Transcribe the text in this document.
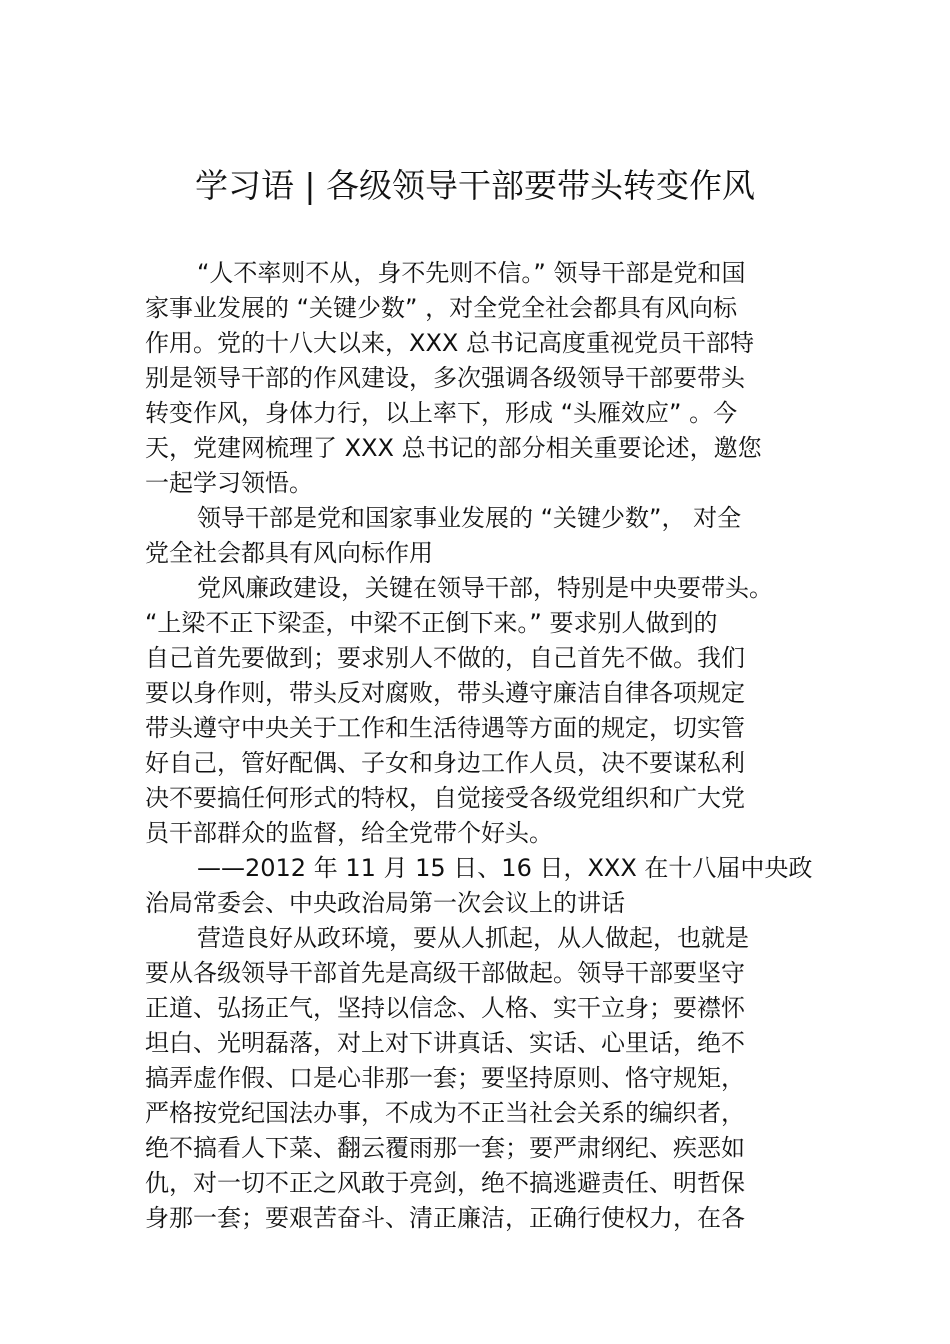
学习语 | 各级领导干部要带头转变作风
“人不率则不从，身不先则不信。” 领导干部是党和国
家事业发展的 “关键少数” ，对全党全社会都具有风向标
作用。党的十八大以来，XXX 总书记高度重视党员干部特
别是领导干部的作风建设，多次强调各级领导干部要带头
转变作风，身体力行，以上率下，形成 “头雁效应” 。今
天，党建网梳理了 XXX 总书记的部分相关重要论述，邀您
一起学习领悟。
领导干部是党和国家事业发展的 “关键少数”， 对全
党全社会都具有风向标作用
党风廉政建设，关键在领导干部，特别是中央要带头。
“上梁不正下梁歪，中梁不正倒下来。” 要求别人做到的
自己首先要做到；要求别人不做的，自己首先不做。我们
要以身作则，带头反对腐败，带头遵守廉洁自律各项规定
带头遵守中央关于工作和生活待遇等方面的规定，切实管
好自己，管好配偶、子女和身边工作人员，决不要谋私利
决不要搞任何形式的特权，自觉接受各级党组织和广大党
员干部群众的监督，给全党带个好头。
——2012 年 11 月 15 日、16 日，XXX 在十八届中央政
治局常委会、中央政治局第一次会议上的讲话
营造良好从政环境，要从人抓起，从人做起，也就是
要从各级领导干部首先是高级干部做起。领导干部要坚守
正道、弘扬正气，坚持以信念、人格、实干立身；要襟怀
坦白、光明磊落，对上对下讲真话、实话、心里话，绝不
搞弄虚作假、口是心非那一套；要坚持原则、恪守规矩，
严格按党纪国法办事，不成为不正当社会关系的编织者，
绝不搞看人下菜、翻云覆雨那一套；要严肃纲纪、疾恶如
仇，对一切不正之风敢于亮剑，绝不搞逃避责任、明哲保
身那一套；要艰苦奋斗、清正廉洁，正确行使权力，在各
